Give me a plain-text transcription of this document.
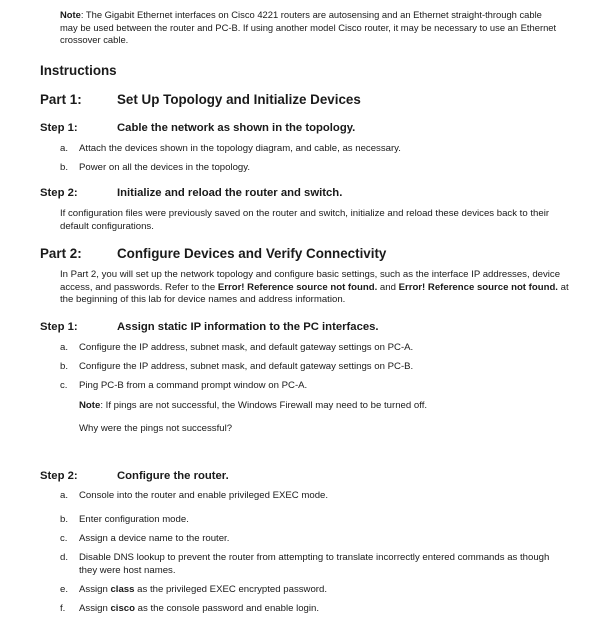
Note: The Gigabit Ethernet interfaces on Cisco 4221 routers are autosensing and an Ethernet straight-through cable may be used between the router and PC-B. If using another model Cisco router, it may be necessary to use an Ethernet crossover cable.
Instructions
Part 1:	Set Up Topology and Initialize Devices
Step 1:	Cable the network as shown in the topology.
a. Attach the devices shown in the topology diagram, and cable, as necessary.
b. Power on all the devices in the topology.
Step 2:	Initialize and reload the router and switch.
If configuration files were previously saved on the router and switch, initialize and reload these devices back to their default configurations.
Part 2:	Configure Devices and Verify Connectivity
In Part 2, you will set up the network topology and configure basic settings, such as the interface IP addresses, device access, and passwords. Refer to the Error! Reference source not found. and Error! Reference source not found. at the beginning of this lab for device names and address information.
Step 1:	Assign static IP information to the PC interfaces.
a. Configure the IP address, subnet mask, and default gateway settings on PC-A.
b. Configure the IP address, subnet mask, and default gateway settings on PC-B.
c. Ping PC-B from a command prompt window on PC-A.
Note: If pings are not successful, the Windows Firewall may need to be turned off.
Why were the pings not successful?
Step 2:	Configure the router.
a. Console into the router and enable privileged EXEC mode.
b. Enter configuration mode.
c. Assign a device name to the router.
d. Disable DNS lookup to prevent the router from attempting to translate incorrectly entered commands as though they were host names.
e. Assign class as the privileged EXEC encrypted password.
f. Assign cisco as the console password and enable login.
